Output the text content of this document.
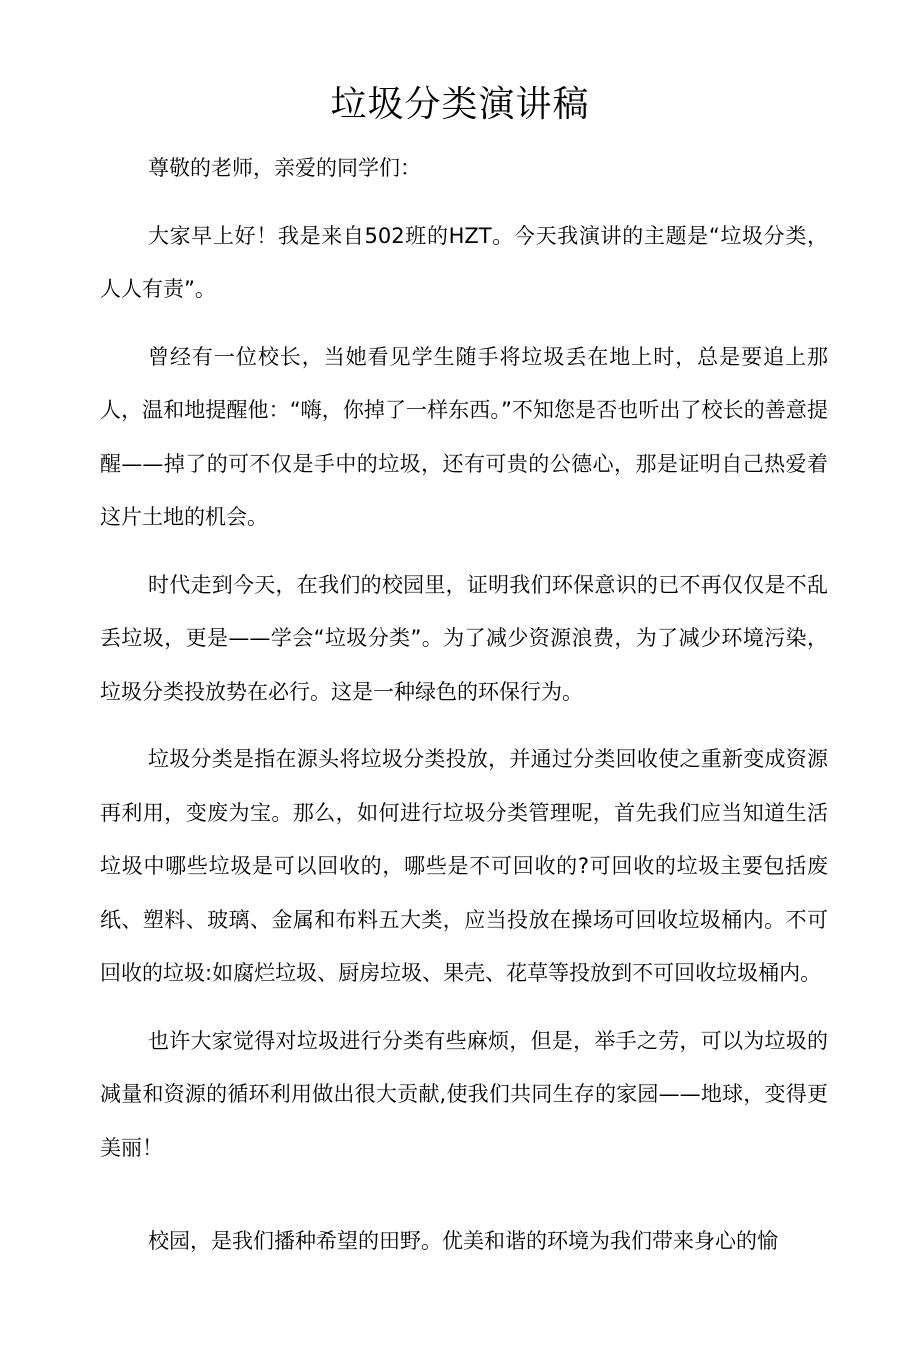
垃圾分类演讲稿

尊敬的老师，亲爱的同学们：

大家早上好！我是来自502班的HZT。今天我演讲的主题是“垃圾分类，人人有责”。

曾经有一位校长，当她看见学生随手将垃圾丢在地上时，总是要追上那人，温和地提醒他：“嗨，你掉了一样东西。”不知您是否也听出了校长的善意提醒——掉了的可不仅是手中的垃圾，还有可贵的公德心，那是证明自己热爱着这片土地的机会。

时代走到今天，在我们的校园里，证明我们环保意识的已不再仅仅是不乱丢垃圾，更是——学会“垃圾分类”。为了减少资源浪费，为了减少环境污染，垃圾分类投放势在必行。这是一种绿色的环保行为。

垃圾分类是指在源头将垃圾分类投放，并通过分类回收使之重新变成资源再利用，变废为宝。那么，如何进行垃圾分类管理呢，首先我们应当知道生活垃圾中哪些垃圾是可以回收的，哪些是不可回收的?可回收的垃圾主要包括废纸、塑料、玻璃、金属和布料五大类，应当投放在操场可回收垃圾桶内。不可回收的垃圾:如腐烂垃圾、厨房垃圾、果壳、花草等投放到不可回收垃圾桶内。

也许大家觉得对垃圾进行分类有些麻烦，但是，举手之劳，可以为垃圾的减量和资源的循环利用做出很大贡献,使我们共同生存的家园——地球，变得更美丽！

校园，是我们播种希望的田野。优美和谐的环境为我们带来身心的愉
